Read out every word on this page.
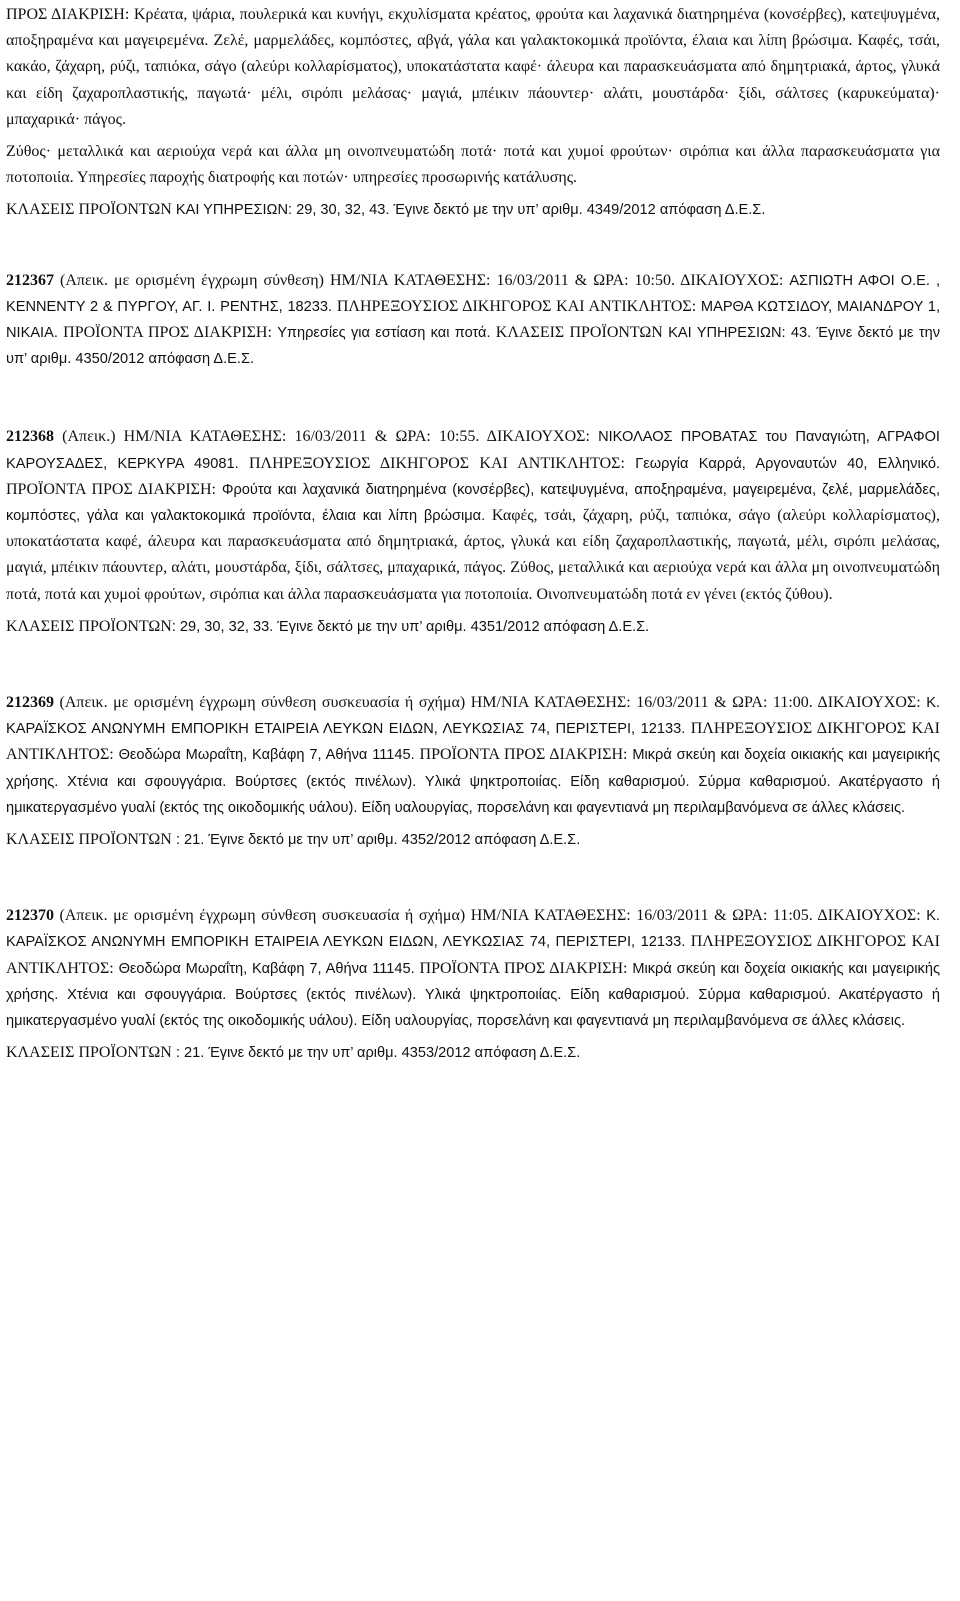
ΠΡΟΣ ΔΙΑΚΡΙΣΗ: Κρέατα, ψάρια, πουλερικά και κυνήγι, εκχυλίσματα κρέατος, φρούτα και λαχανικά διατηρημένα (κονσέρβες), κατεψυγμένα, αποξηραμένα και μαγειρεμένα. Ζελέ, μαρμελάδες, κομπόστες, αβγά, γάλα και γαλακτοκομικά προϊόντα, έλαια και λίπη βρώσιμα. Καφές, τσάι, κακάο, ζάχαρη, ρύζι, ταπιόκα, σάγο (αλεύρι κολλαρίσματος), υποκατάστατα καφέ· άλευρα και παρασκευάσματα από δημητριακά, άρτος, γλυκά και είδη ζαχαροπλαστικής, παγωτά· μέλι, σιρόπι μελάσας· μαγιά, μπέικιν πάουντερ· αλάτι, μουστάρδα· ξίδι, σάλτσες (καρυκεύματα)· μπαχαρικά· πάγος.

Ζύθος· μεταλλικά και αεριούχα νερά και άλλα μη οινοπνευματώδη ποτά· ποτά και χυμοί φρούτων· σιρόπια και άλλα παρασκευάσματα για ποτοποιία. Υπηρεσίες παροχής διατροφής και ποτών· υπηρεσίες προσωρινής κατάλυσης.

ΚΛΑΣΕΙΣ ΠΡΟΪΟΝΤΩΝ ΚΑΙ ΥΠΗΡΕΣΙΩΝ: 29, 30, 32, 43. Έγινε δεκτό με την υπ’ αριθμ. 4349/2012 απόφαση Δ.Ε.Σ.

212367 (Απεικ. με ορισμένη έγχρωμη σύνθεση) ΗΜ/ΝΙΑ ΚΑΤΑΘΕΣΗΣ: 16/03/2011 & ΩΡΑ: 10:50. ΔΙΚΑΙΟΥΧΟΣ: ΑΣΠΙΩΤΗ ΑΦΟΙ Ο.Ε. , ΚΕΝΝΕΝΤΥ 2 & ΠΥΡΓΟΥ, ΑΓ. Ι. ΡΕΝΤΗΣ, 18233. ΠΛΗΡΕΞΟΥΣΙΟΣ ΔΙΚΗΓΟΡΟΣ ΚΑΙ ΑΝΤΙΚΛΗΤΟΣ: ΜΑΡΘΑ ΚΩΤΣΙΔΟΥ, ΜΑΙΑΝΔΡΟΥ 1, ΝΙΚΑΙΑ. ΠΡΟΪΟΝΤΑ ΠΡΟΣ ΔΙΑΚΡΙΣΗ: Υπηρεσίες για εστίαση και ποτά. ΚΛΑΣΕΙΣ ΠΡΟΪΟΝΤΩΝ ΚΑΙ ΥΠΗΡΕΣΙΩΝ: 43. Έγινε δεκτό με την υπ’ αριθμ. 4350/2012 απόφαση Δ.Ε.Σ.

212368 (Απεικ.) ΗΜ/ΝΙΑ ΚΑΤΑΘΕΣΗΣ: 16/03/2011 & ΩΡΑ: 10:55. ΔΙΚΑΙΟΥΧΟΣ: ΝΙΚΟΛΑΟΣ ΠΡΟΒΑΤΑΣ του Παναγιώτη, ΑΓΡΑΦΟΙ ΚΑΡΟΥΣΑΔΕΣ, ΚΕΡΚΥΡΑ 49081. ΠΛΗΡΕΞΟΥΣΙΟΣ ΔΙΚΗΓΟΡΟΣ ΚΑΙ ΑΝΤΙΚΛΗΤΟΣ: Γεωργία Καρρά, Αργοναυτών 40, Ελληνικό. ΠΡΟΪΟΝΤΑ ΠΡΟΣ ΔΙΑΚΡΙΣΗ: Φρούτα και λαχανικά διατηρημένα (κονσέρβες), κατεψυγμένα, αποξηραμένα, μαγειρεμένα, ζελέ, μαρμελάδες, κομπόστες, γάλα και γαλακτοκομικά προϊόντα, έλαια και λίπη βρώσιμα. Καφές, τσάι, ζάχαρη, ρύζι, ταπιόκα, σάγο (αλεύρι κολλαρίσματος), υποκατάστατα καφέ, άλευρα και παρασκευάσματα από δημητριακά, άρτος, γλυκά και είδη ζαχαροπλαστικής, παγωτά, μέλι, σιρόπι μελάσας, μαγιά, μπέικιν πάουντερ, αλάτι, μουστάρδα, ξίδι, σάλτσες, μπαχαρικά, πάγος. Ζύθος, μεταλλικά και αεριούχα νερά και άλλα μη οινοπνευματώδη ποτά, ποτά και χυμοί φρούτων, σιρόπια και άλλα παρασκευάσματα για ποτοποιία. Οινοπνευματώδη ποτά εν γένει (εκτός ζύθου).

ΚΛΑΣΕΙΣ ΠΡΟΪΟΝΤΩΝ: 29, 30, 32, 33. Έγινε δεκτό με την υπ’ αριθμ. 4351/2012 απόφαση Δ.Ε.Σ.

212369 (Απεικ. με ορισμένη έγχρωμη σύνθεση συσκευασία ή σχήμα) ΗΜ/ΝΙΑ ΚΑΤΑΘΕΣΗΣ: 16/03/2011 & ΩΡΑ: 11:00. ΔΙΚΑΙΟΥΧΟΣ: Κ. ΚΑΡΑΪΣΚΟΣ ΑΝΩΝΥΜΗ ΕΜΠΟΡΙΚΗ ΕΤΑΙΡΕΙΑ ΛΕΥΚΩΝ ΕΙΔΩΝ, ΛΕΥΚΩΣΙΑΣ 74, ΠΕΡΙΣΤΕΡΙ, 12133. ΠΛΗΡΕΞΟΥΣΙΟΣ ΔΙΚΗΓΟΡΟΣ ΚΑΙ ΑΝΤΙΚΛΗΤΟΣ: Θεοδώρα Μωραΐτη, Καβάφη 7, Αθήνα 11145. ΠΡΟΪΟΝΤΑ ΠΡΟΣ ΔΙΑΚΡΙΣΗ: Μικρά σκεύη και δοχεία οικιακής και μαγειρικής χρήσης. Χτένια και σφουγγάρια. Βούρτσες (εκτός πινέλων). Υλικά ψηκτροποιίας. Είδη καθαρισμού. Σύρμα καθαρισμού. Ακατέργαστο ή ημικατεργασμένο γυαλί (εκτός της οικοδομικής υάλου). Είδη υαλουργίας, πορσελάνη και φαγεντιανά μη περιλαμβανόμενα σε άλλες κλάσεις.

ΚΛΑΣΕΙΣ ΠΡΟΪΟΝΤΩΝ : 21. Έγινε δεκτό με την υπ’ αριθμ. 4352/2012 απόφαση Δ.Ε.Σ.

212370 (Απεικ. με ορισμένη έγχρωμη σύνθεση συσκευασία ή σχήμα) ΗΜ/ΝΙΑ ΚΑΤΑΘΕΣΗΣ: 16/03/2011 & ΩΡΑ: 11:05. ΔΙΚΑΙΟΥΧΟΣ: Κ. ΚΑΡΑΪΣΚΟΣ ΑΝΩΝΥΜΗ ΕΜΠΟΡΙΚΗ ΕΤΑΙΡΕΙΑ ΛΕΥΚΩΝ ΕΙΔΩΝ, ΛΕΥΚΩΣΙΑΣ 74, ΠΕΡΙΣΤΕΡΙ, 12133. ΠΛΗΡΕΞΟΥΣΙΟΣ ΔΙΚΗΓΟΡΟΣ ΚΑΙ ΑΝΤΙΚΛΗΤΟΣ: Θεοδώρα Μωραΐτη, Καβάφη 7, Αθήνα 11145. ΠΡΟΪΟΝΤΑ ΠΡΟΣ ΔΙΑΚΡΙΣΗ: Μικρά σκεύη και δοχεία οικιακής και μαγειρικής χρήσης. Χτένια και σφουγγάρια. Βούρτσες (εκτός πινέλων). Υλικά ψηκτροποιίας. Είδη καθαρισμού. Σύρμα καθαρισμού. Ακατέργαστο ή ημικατεργασμένο γυαλί (εκτός της οικοδομικής υάλου). Είδη υαλουργίας, πορσελάνη και φαγεντιανά μη περιλαμβανόμενα σε άλλες κλάσεις.

ΚΛΑΣΕΙΣ ΠΡΟΪΟΝΤΩΝ : 21. Έγινε δεκτό με την υπ’ αριθμ. 4353/2012 απόφαση Δ.Ε.Σ.
